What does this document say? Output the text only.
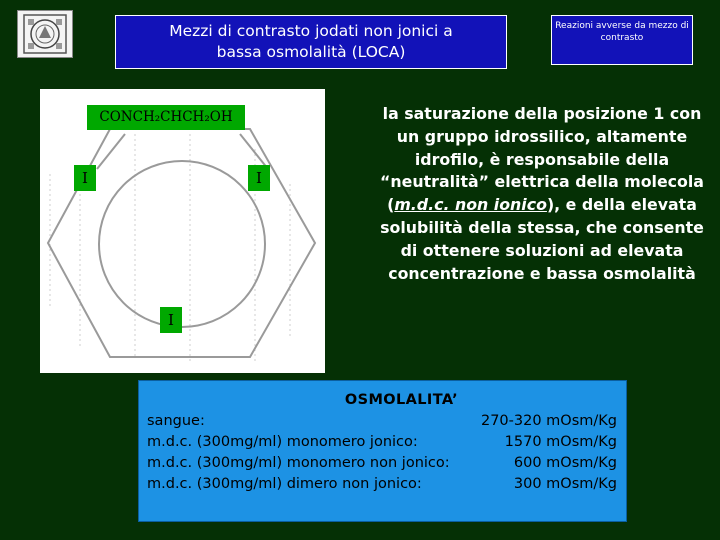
Mezzi di contrasto jodati non jonici a
bassa osmolalità (LOCA)
Reazioni avverse da mezzo di
contrasto
CONCH₂CHCH₂OH
I	I
I
la saturazione della posizione 1 con un gruppo idrossilico, altamente idrofilo, è responsabile della “neutralità” elettrica della molecola (m.d.c. non ionico), e della elevata solubilità della stessa, che consente di ottenere soluzioni ad elevata concentrazione e bassa osmolalità
OSMOLALITA’
sangue:	270-320 mOsm/Kg
m.d.c. (300mg/ml) monomero jonico:	1570 mOsm/Kg
m.d.c. (300mg/ml) monomero non jonico:	600 mOsm/Kg
m.d.c. (300mg/ml) dimero non jonico:	300 mOsm/Kg
